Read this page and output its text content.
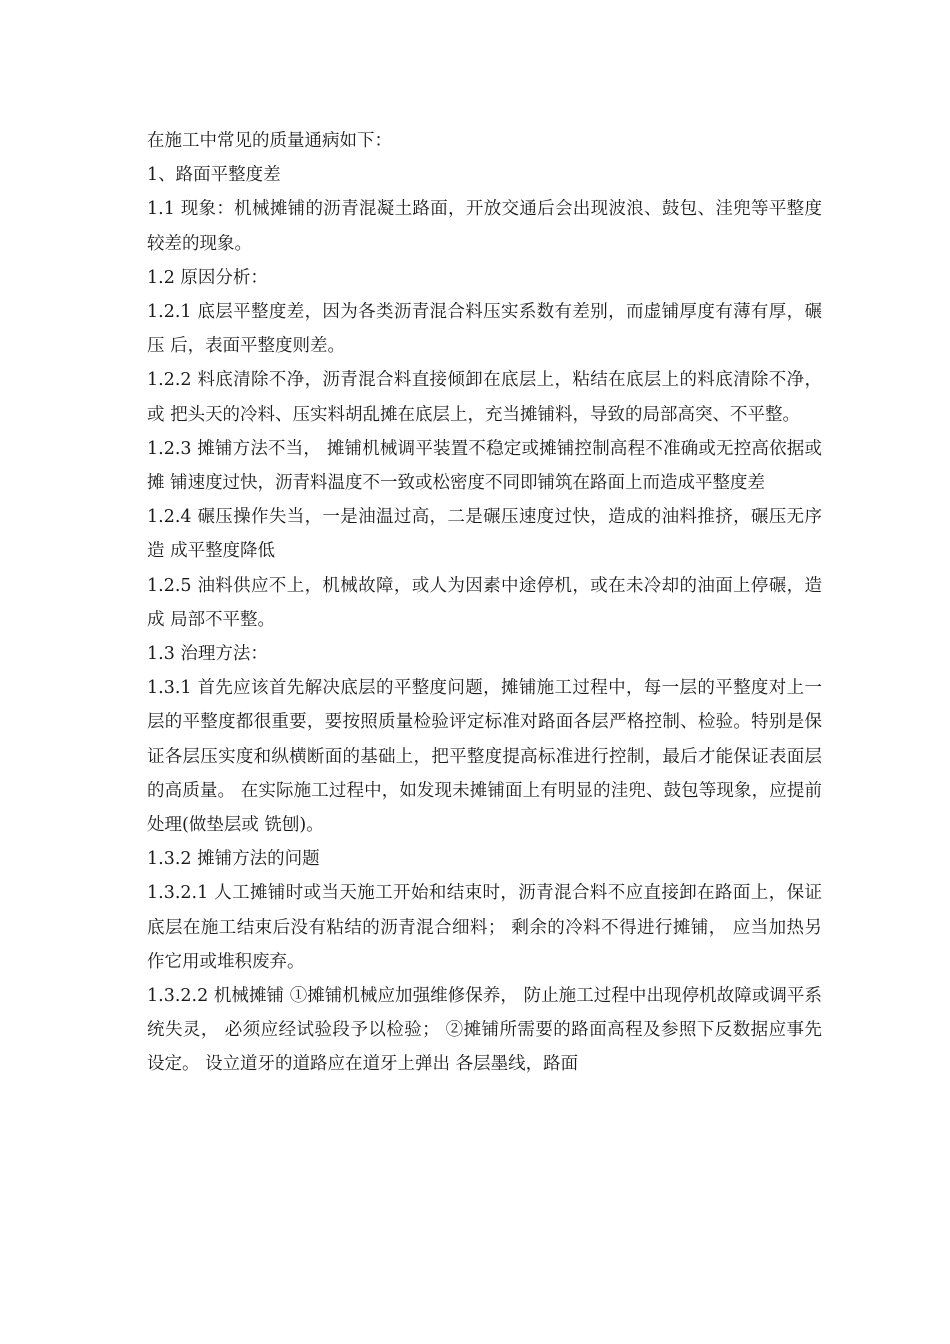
在施工中常见的质量通病如下：

1、路面平整度差

1.1 现象：机械摊铺的沥青混凝土路面，开放交通后会出现波浪、鼓包、洼兜等平整度较差的现象。

1.2 原因分析：

1.2.1 底层平整度差，因为各类沥青混合料压实系数有差别，而虚铺厚度有薄有厚，碾压 后，表面平整度则差。

1.2.2 料底清除不净，沥青混合料直接倾卸在底层上，粘结在底层上的料底清除不净，或 把头天的冷料、压实料胡乱摊在底层上，充当摊铺料，导致的局部高突、不平整。

1.2.3 摊铺方法不当， 摊铺机械调平装置不稳定或摊铺控制高程不准确或无控高依据或摊 铺速度过快，沥青料温度不一致或松密度不同即铺筑在路面上而造成平整度差

1.2.4 碾压操作失当，一是油温过高，二是碾压速度过快，造成的油料推挤，碾压无序造 成平整度降低

1.2.5 油料供应不上，机械故障，或人为因素中途停机，或在未冷却的油面上停碾，造成 局部不平整。

1.3 治理方法：

1.3.1 首先应该首先解决底层的平整度问题，摊铺施工过程中，每一层的平整度对上一层的平整度都很重要，要按照质量检验评定标准对路面各层严格控制、检验。特别是保证各层压实度和纵横断面的基础上，把平整度提高标准进行控制，最后才能保证表面层的高质量。 在实际施工过程中，如发现未摊铺面上有明显的洼兜、鼓包等现象，应提前处理(做垫层或 铣刨)。

1.3.2 摊铺方法的问题

1.3.2.1 人工摊铺时或当天施工开始和结束时，沥青混合料不应直接卸在路面上，保证底层在施工结束后没有粘结的沥青混合细料； 剩余的冷料不得进行摊铺， 应当加热另作它用或堆积废弃。

1.3.2.2 机械摊铺 ①摊铺机械应加强维修保养， 防止施工过程中出现停机故障或调平系统失灵， 必须应经试验段予以检验； ②摊铺所需要的路面高程及参照下反数据应事先设定。 设立道牙的道路应在道牙上弹出 各层墨线，路面
